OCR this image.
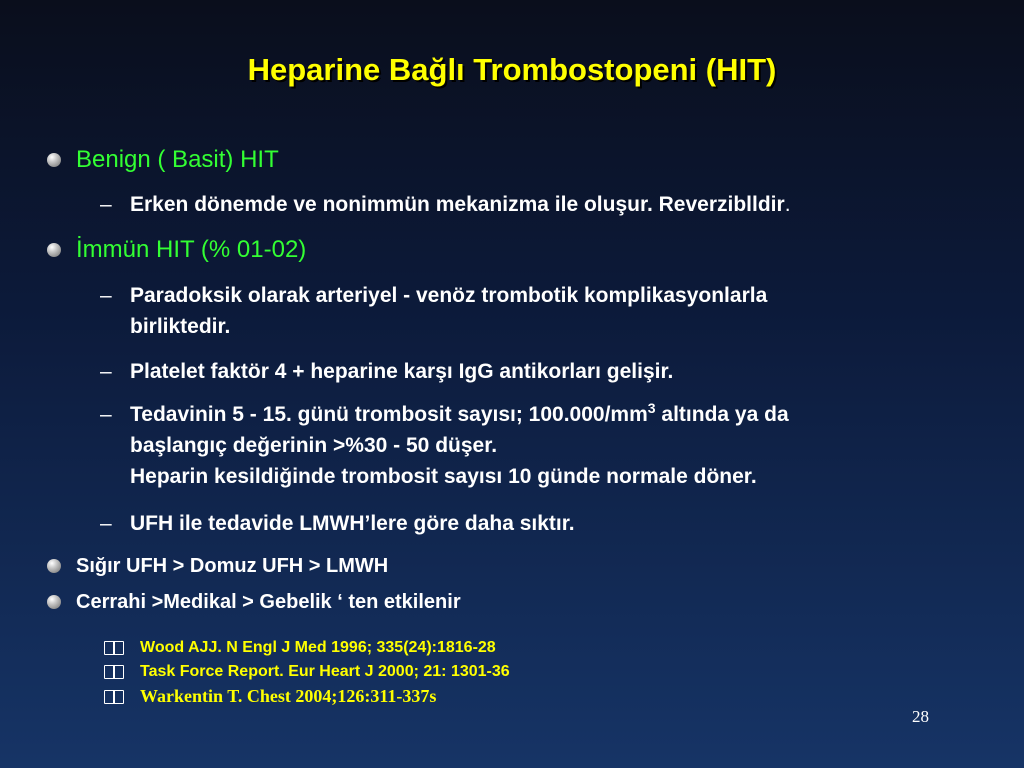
Heparine Bağlı Trombostopeni (HIT)
Benign ( Basit) HIT
– Erken dönemde ve nonimmün mekanizma ile oluşur. Reverziblldir.
İmmün HIT (% 01-02)
– Paradoksik olarak arteriyel - venöz trombotik komplikasyonlarla
birliktedir.
– Platelet faktör 4 + heparine karşı IgG antikorları gelişir.
– Tedavinin 5 - 15. günü trombosit sayısı; $100.000/mm^3$ altında ya da
başlangıç değerinin >%30 - 50 düşer.
Heparin kesildiğinde trombosit sayısı 10 günde normale döner.
– UFH ile tedavide LMWH’lere göre daha sıktır.
Sığır UFH > Domuz UFH > LMWH
Cerrahi >Medikal > Gebelik ‘ ten etkilenir
Wood AJJ. N Engl J Med 1996; 335(24):1816-28
Task Force Report. Eur Heart J 2000; 21: 1301-36
Warkentin T. Chest 2004;126:311-337s
28
